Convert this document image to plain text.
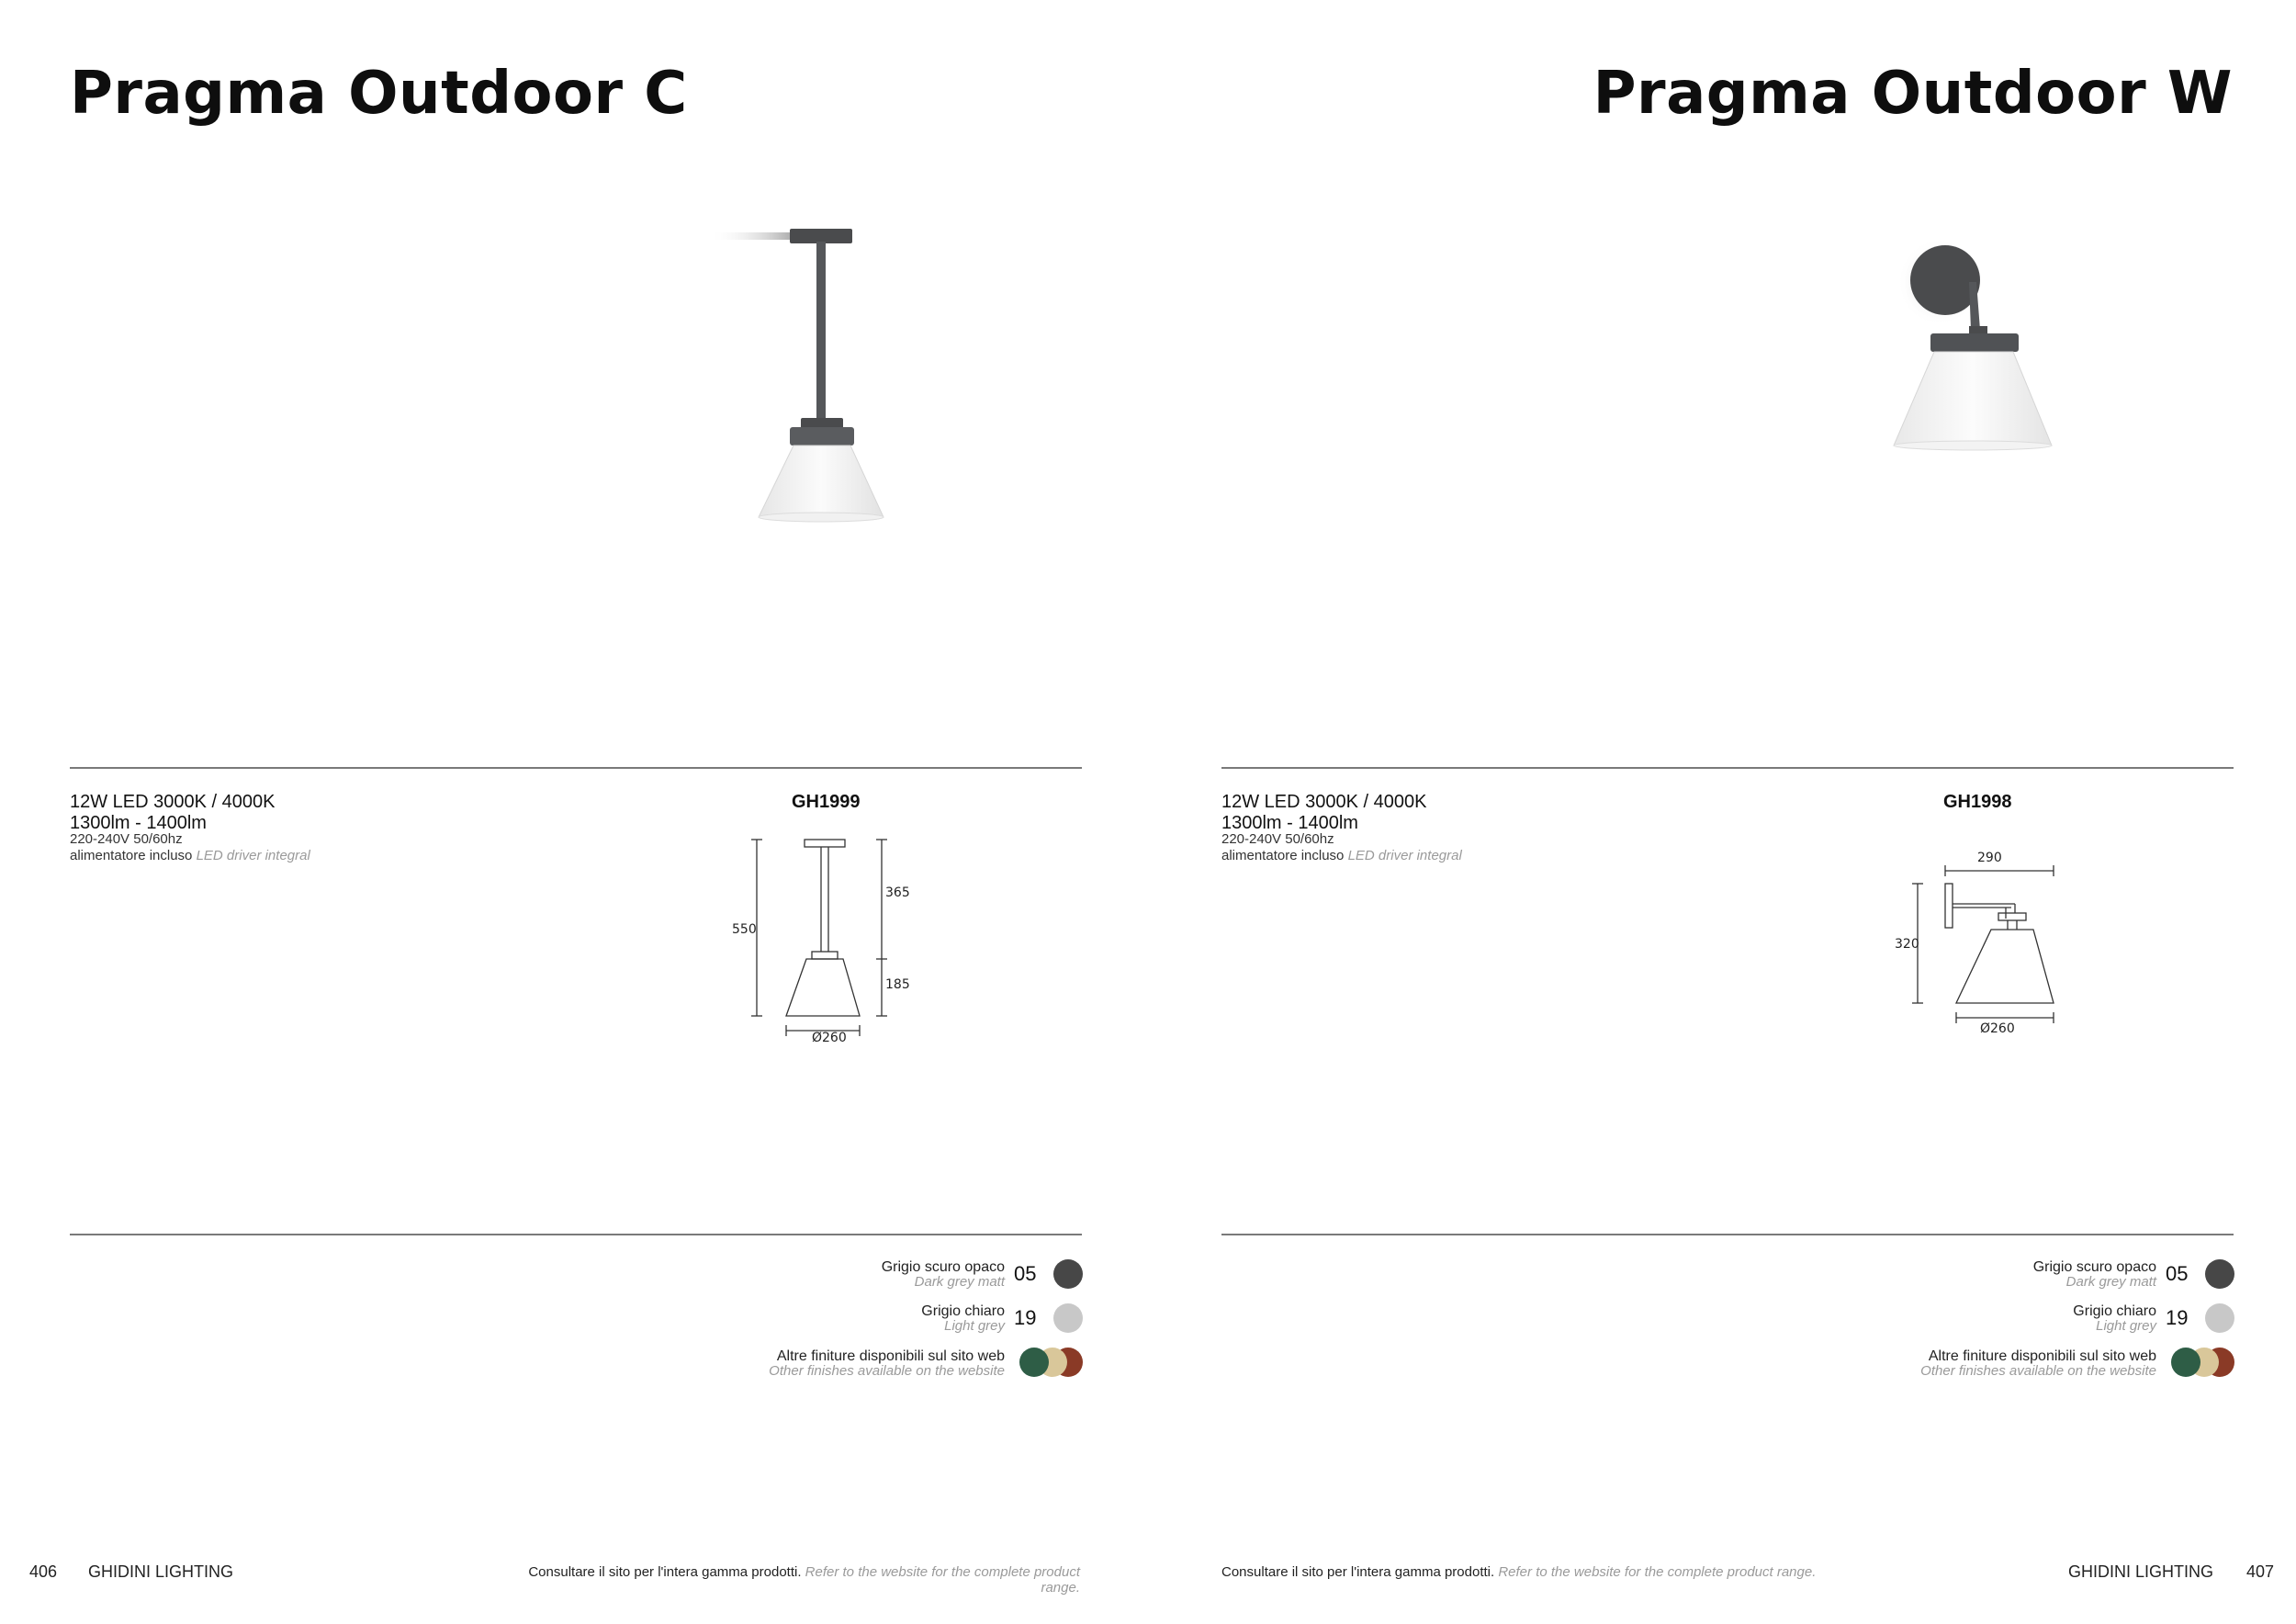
Pragma Outdoor C
12W LED 3000K / 4000K
1300lm - 1400lm
220-240V 50/60hz
alimentatore incluso LED driver integral
GH1999
550
365
185
Ø260
Grigio scuro opaco
Dark grey matt 05
Grigio chiaro
Light grey 19
Altre finiture disponibili sul sito web
Other finishes available on the website
406 GHIDINI LIGHTING	Consultare il sito per l'intera gamma prodotti. Refer to the website for the complete product range.
Pragma Outdoor W
12W LED 3000K / 4000K
1300lm - 1400lm
220-240V 50/60hz
alimentatore incluso LED driver integral
GH1998
290
320
Ø260
Grigio scuro opaco
Dark grey matt 05
Grigio chiaro
Light grey 19
Altre finiture disponibili sul sito web
Other finishes available on the website
Consultare il sito per l'intera gamma prodotti. Refer to the website for the complete product range.	GHIDINI LIGHTING 407
